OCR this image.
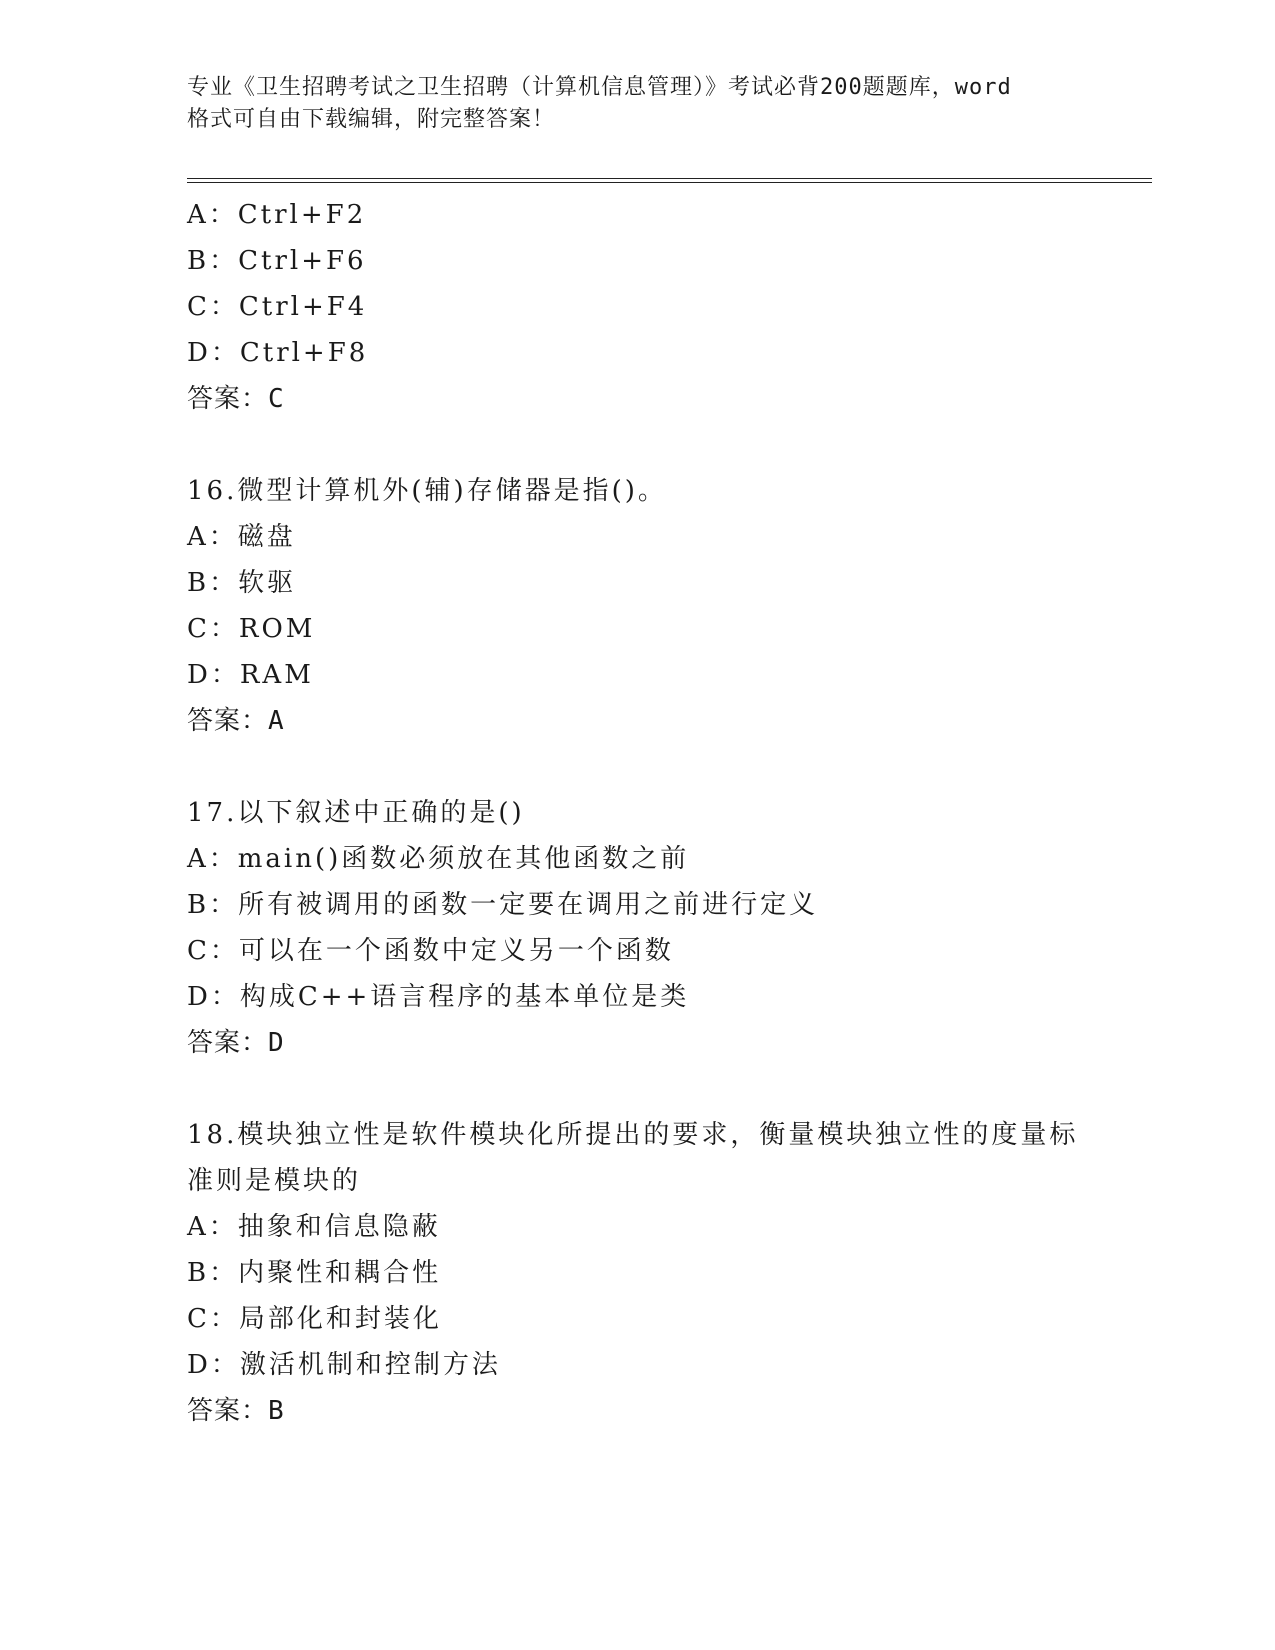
专业《卫生招聘考试之卫生招聘（计算机信息管理）》考试必背200题题库，word
格式可自由下载编辑，附完整答案！
A：Ctrl+F2
B：Ctrl+F6
C：Ctrl+F4
D：Ctrl+F8
答案：C
16.微型计算机外(辅)存储器是指()。
A：磁盘
B：软驱
C：ROM
D：RAM
答案：A
17.以下叙述中正确的是()
A：main()函数必须放在其他函数之前
B：所有被调用的函数一定要在调用之前进行定义
C：可以在一个函数中定义另一个函数
D：构成C++语言程序的基本单位是类
答案：D
18.模块独立性是软件模块化所提出的要求，衡量模块独立性的度量标
准则是模块的
A：抽象和信息隐蔽
B：内聚性和耦合性
C：局部化和封装化
D：激活机制和控制方法
答案：B
